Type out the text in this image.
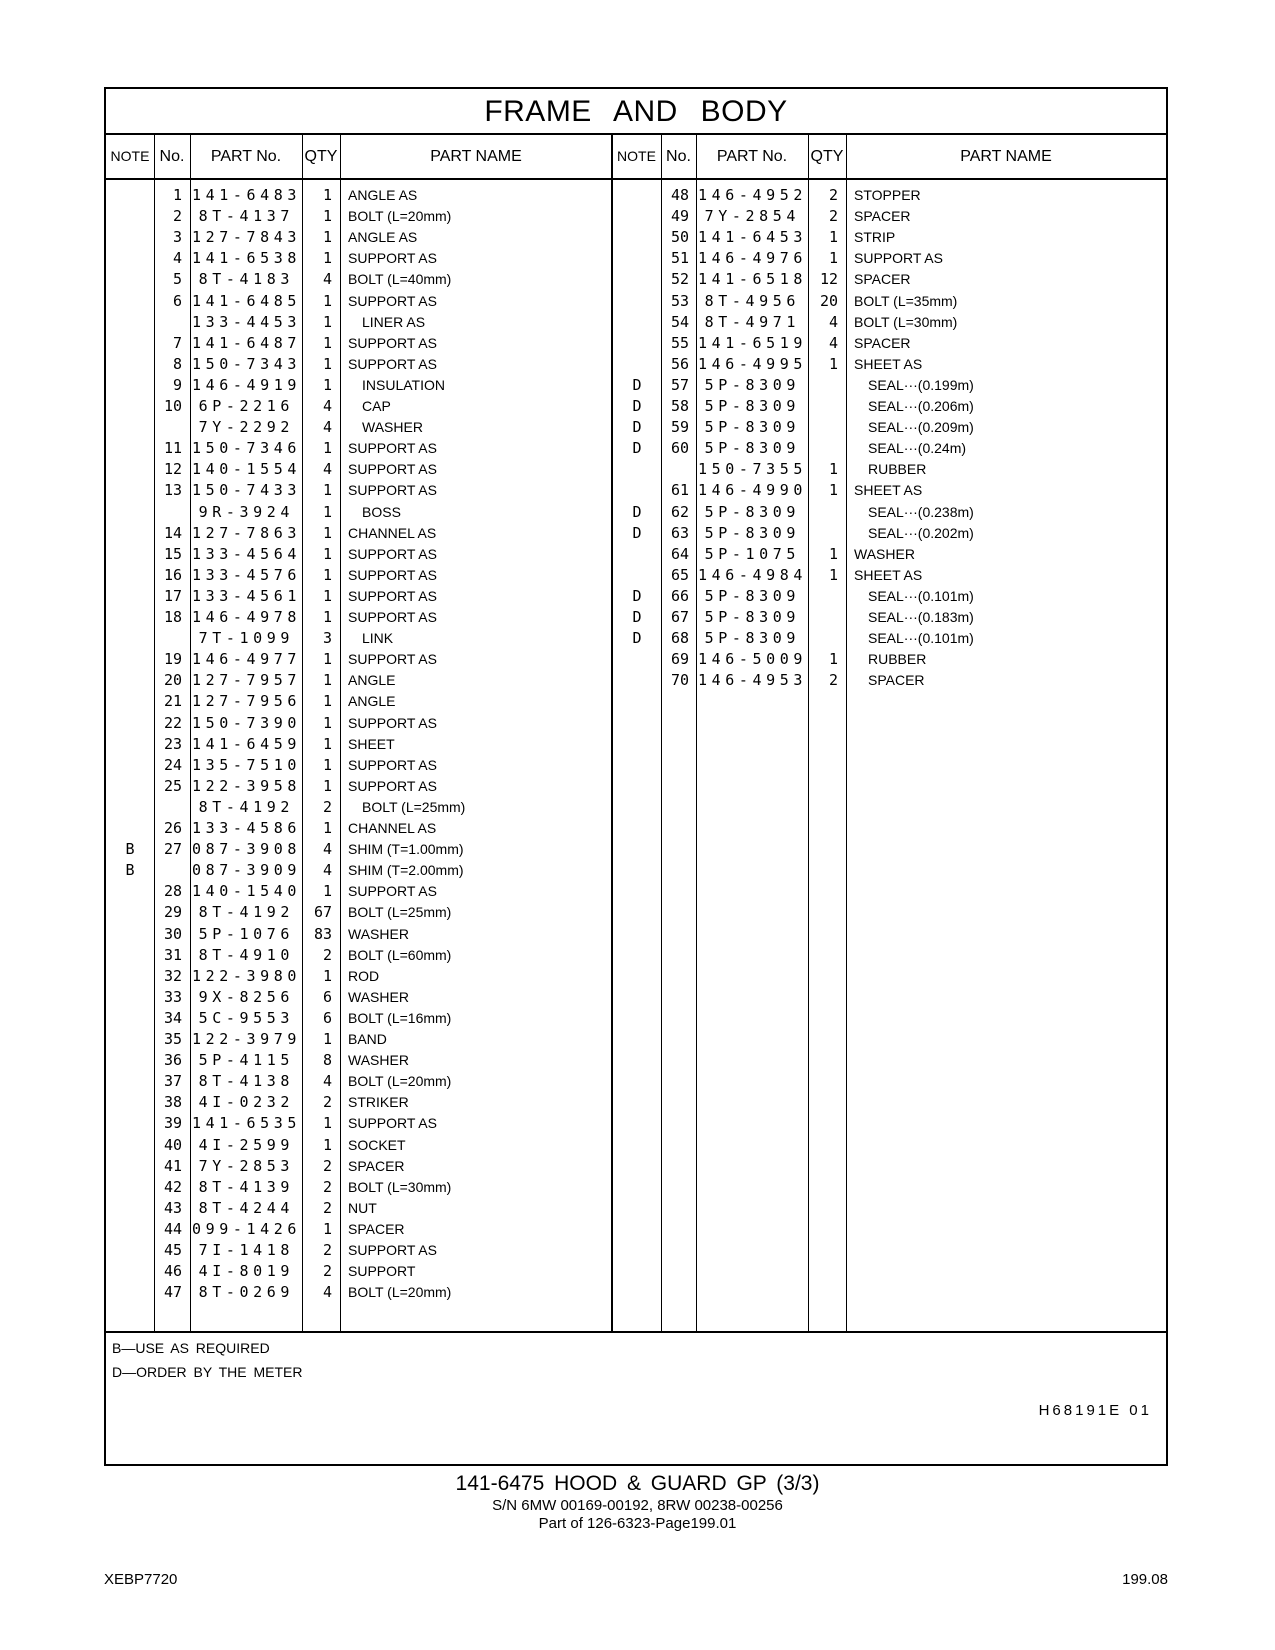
FRAME AND BODY
NOTE No.	PART No.	QTY	PART NAME	NOTE No.	PART No.	QTY	PART NAME
1 141-6483	1 ANGLE AS
2	8T-4137	1 BOLT (L=20mm)
3 127-7843	1 ANGLE AS
4 141-6538	1 SUPPORT AS
5	8T-4183	4 BOLT (L=40mm)
6 141-6485	1 SUPPORT AS
133-4453	1 LINER AS
7 141-6487	1 SUPPORT AS
8 150-7343	1 SUPPORT AS
9 146-4919	1 INSULATION
10	6P-2216	4 CAP
7Y-2292	4 WASHER
11 150-7346	1 SUPPORT AS
12 140-1554	4 SUPPORT AS
13 150-7433	1 SUPPORT AS
9R-3924	1 BOSS
14 127-7863	1 CHANNEL AS
15 133-4564	1 SUPPORT AS
16 133-4576	1 SUPPORT AS
17 133-4561	1 SUPPORT AS
18 146-4978	1 SUPPORT AS
7T-1099	3 LINK
19 146-4977	1 SUPPORT AS
20 127-7957	1 ANGLE
21 127-7956	1 ANGLE
22 150-7390	1 SUPPORT AS
23 141-6459	1 SHEET
24 135-7510	1 SUPPORT AS
25 122-3958	1 SUPPORT AS
8T-4192	2 BOLT (L=25mm)
26 133-4586	1 CHANNEL AS
B	27 087-3908	4 SHIM (T=1.00mm)
B	087-3909	4 SHIM (T=2.00mm)
28 140-1540	1 SUPPORT AS
29	8T-4192	67 BOLT (L=25mm)
30	5P-1076	83 WASHER
31	8T-4910	2 BOLT (L=60mm)
32 122-3980	1 ROD
33	9X-8256	6 WASHER
34	5C-9553	6 BOLT (L=16mm)
35 122-3979	1 BAND
36	5P-4115	8 WASHER
37	8T-4138	4 BOLT (L=20mm)
38	4I-0232	2 STRIKER
39 141-6535	1 SUPPORT AS
40	4I-2599	1 SOCKET
41	7Y-2853	2 SPACER
42	8T-4139	2 BOLT (L=30mm)
43	8T-4244	2 NUT
44 099-1426	1 SPACER
45	7I-1418	2 SUPPORT AS
46	4I-8019	2 SUPPORT
47	8T-0269	4 BOLT (L=20mm)
48 146-4952	2 STOPPER
49	7Y-2854	2 SPACER
50 141-6453	1 STRIP
51 146-4976	1 SUPPORT AS
52 141-6518 12 SPACER
53	8T-4956	20 BOLT (L=35mm)
54	8T-4971	4 BOLT (L=30mm)
55 141-6519	4 SPACER
56 146-4995	1 SHEET AS
D	57	5P-8309	SEAL···(0.199m)
D	58	5P-8309	SEAL···(0.206m)
D	59	5P-8309	SEAL···(0.209m)
D	60	5P-8309	SEAL···(0.24m)
150-7355	1 RUBBER
61 146-4990	1 SHEET AS
D	62	5P-8309	SEAL···(0.238m)
D	63	5P-8309	SEAL···(0.202m)
64	5P-1075	1 WASHER
65 146-4984	1 SHEET AS
D	66	5P-8309	SEAL···(0.101m)
D	67	5P-8309	SEAL···(0.183m)
D	68	5P-8309	SEAL···(0.101m)
69 146-5009	1 RUBBER
70 146-4953	2 SPACER
B—USE AS REQUIRED
D—ORDER BY THE METER
H68191E 01
141-6475 HOOD & GUARD GP (3/3)
S/N 6MW 00169-00192, 8RW 00238-00256
Part of 126-6323-Page199.01
XEBP7720	199.08
